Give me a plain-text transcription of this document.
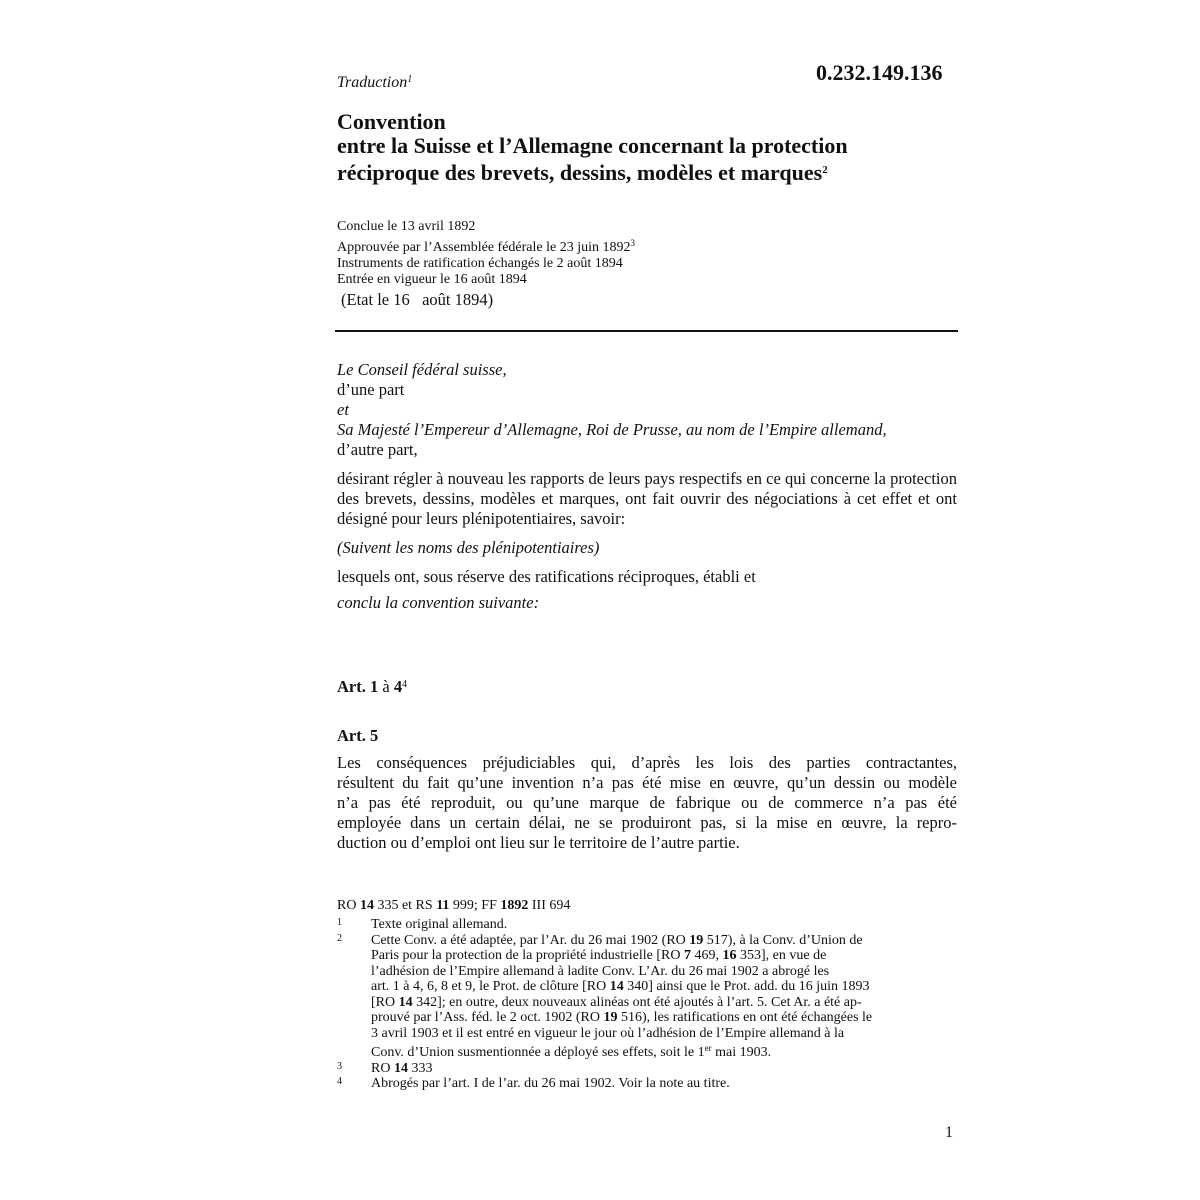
Traduction$^1$	0.232.149.136
Convention
entre la Suisse et l’Allemagne concernant la protection
réciproque des brevets, dessins, modèles et marques$^2$
Conclue le 13 avril 1892
Approuvée par l’Assemblée fédérale le 23 juin 1892$^3$
Instruments de ratification échangés le 2 août 1894
Entrée en vigueur le 16 août 1894
(Etat le 16   août 1894)
Le Conseil fédéral suisse,
d’une part
et
Sa Majesté l’Empereur d’Allemagne, Roi de Prusse, au nom de l’Empire allemand,
d’autre part,
désirant régler à nouveau les rapports de leurs pays respectifs en ce qui concerne la protection des brevets, dessins, modèles et marques, ont fait ouvrir des négociations à cet effet et ont désigné pour leurs plénipotentiaires, savoir:
(Suivent les noms des plénipotentiaires)
lesquels ont, sous réserve des ratifications réciproques, établi et
conclu la convention suivante:
Art. 1 à $4^4$
Art. 5
Les conséquences préjudiciables qui, d’après les lois des parties contractantes,
résultent du fait qu’une invention n’a pas été mise en œuvre, qu’un dessin ou modèle
n’a pas été reproduit, ou qu’une marque de fabrique ou de commerce n’a pas été
employée dans un certain délai, ne se produiront pas, si la mise en œuvre, la repro-
duction ou d’emploi ont lieu sur le territoire de l’autre partie.
RO 14 335 et RS 11 999; FF 1892 III 694
1 Texte original allemand.
2 Cette Conv. a été adaptée, par l’Ar. du 26 mai 1902 (RO 19 517), à la Conv. d’Union de
Paris pour la protection de la propriété industrielle [RO 7 469, 16 353], en vue de
l’adhésion de l’Empire allemand à ladite Conv. L’Ar. du 26 mai 1902 a abrogé les
art. 1 à 4, 6, 8 et 9, le Prot. de clôture [RO 14 340] ainsi que le Prot. add. du 16 juin 1893
[RO 14 342]; en outre, deux nouveaux alinéas ont été ajoutés à l’art. 5. Cet Ar. a été ap-
prouvé par l’Ass. féd. le 2 oct. 1902 (RO 19 516), les ratifications en ont été échangées le
3 avril 1903 et il est entré en vigueur le jour où l’adhésion de l’Empire allemand à la
Conv. d’Union susmentionnée a déployé ses effets, soit le 1er mai 1903.
3 RO 14 333
4 Abrogés par l’art. I de l’ar. du 26 mai 1902. Voir la note au titre.
1
